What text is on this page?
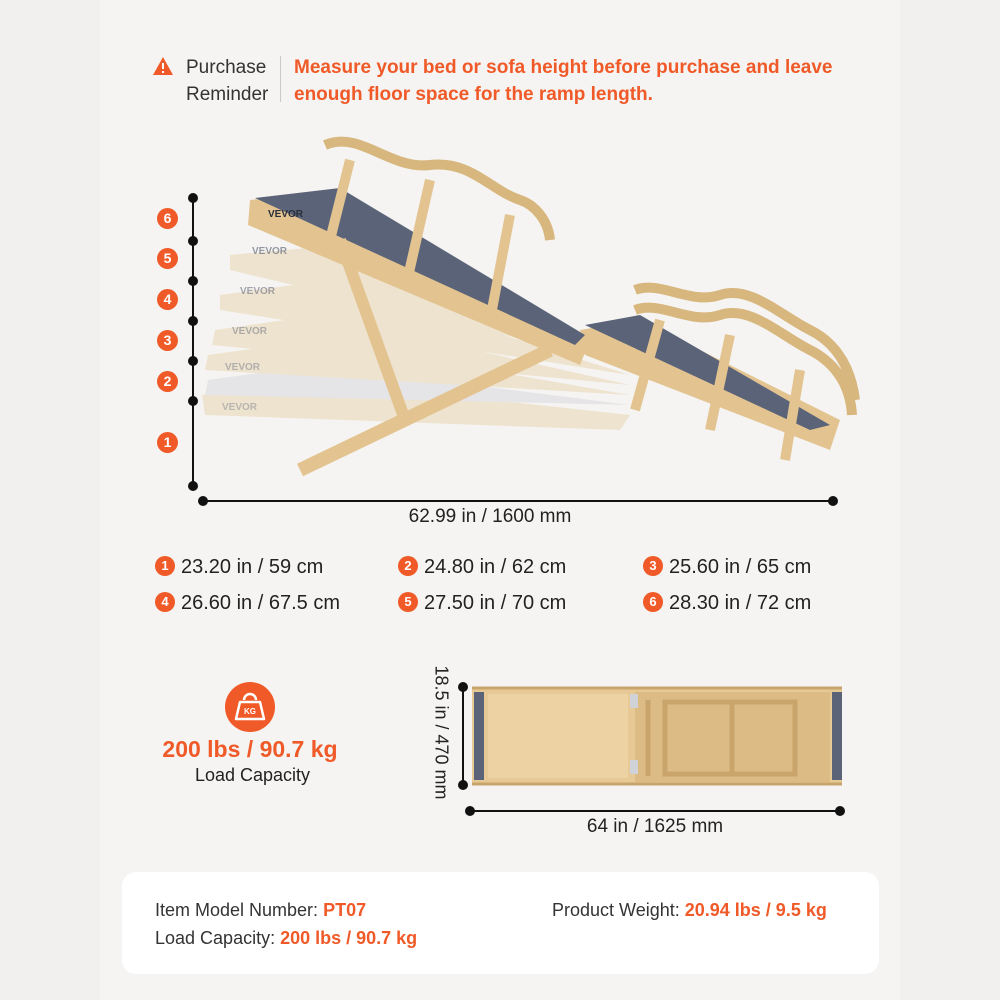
Purchase Reminder
Measure your bed or sofa height before purchase and leave enough floor space for the ramp length.
VEVOR
VEVOR
VEVOR
VEVOR
VEVOR
VEVOR
6
5
4
3
2
1
62.99 in / 1600 mm
1 23.20 in / 59 cm	2 24.80 in / 62 cm	3 25.60 in / 65 cm
4 26.60 in / 67.5 cm	5 27.50 in / 70 cm	6 28.30 in / 72 cm
KG
200 lbs / 90.7 kg
Load Capacity	18.5 in / 470 mm
64 in / 1625 mm
Item Model Number: PT07
Load Capacity: 200 lbs / 90.7 kg
Product Weight: 20.94 lbs / 9.5 kg
